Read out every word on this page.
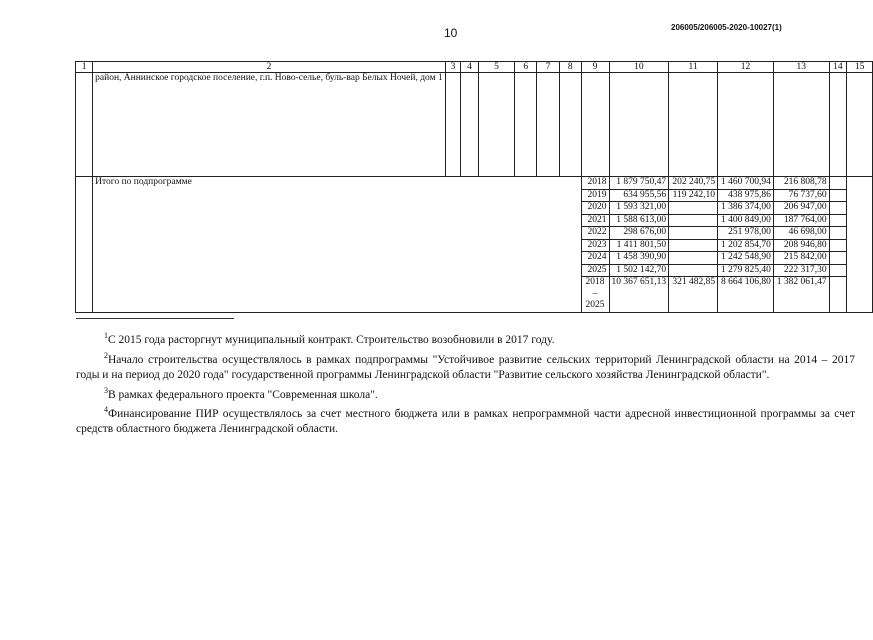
10	206005/206005-2020-10027(1)
1	2	3	4	5	6	7	8	9	10	11	12	13	14	15
	район, Аннинское городское поселение, г.п. Ново-селье, буль-вар Белых Ночей, дом 1													
	Итого по подпрограмме							2018	1 879 750,47	202 240,75	1 460 700,94	216 808,78		
								2019	634 955,56	119 242,10	438 975,86	76 737,60		
								2020	1 593 321,00		1 386 374,00	206 947,00		
								2021	1 588 613,00		1 400 849,00	187 764,00		
								2022	298 676,00		251 978,00	46 698,00		
								2023	1 411 801,50		1 202 854,70	208 946,80		
								2024	1 458 390,90		1 242 548,90	215 842,00		
								2025	1 502 142,70		1 279 825,40	222 317,30		
								2018 – 2025	10 367 651,13	321 482,85	8 664 106,80	1 382 061,47		

$^1$С 2015 года расторгнут муниципальный контракт. Строительство возобновили в 2017 году.

$^2$Начало строительства осуществлялось в рамках подпрограммы "Устойчивое развитие сельских территорий Ленинградской области на 2014 – 2017 годы и на период до 2020 года" государственной программы Ленинградской области "Развитие сельского хозяйства Ленинградской области".

$^3$В рамках федерального проекта "Современная школа".

$^4$Финансирование ПИР осуществлялось за счет местного бюджета или в рамках непрограммной части адресной инвестиционной программы за счет средств областного бюджета Ленинградской области.
